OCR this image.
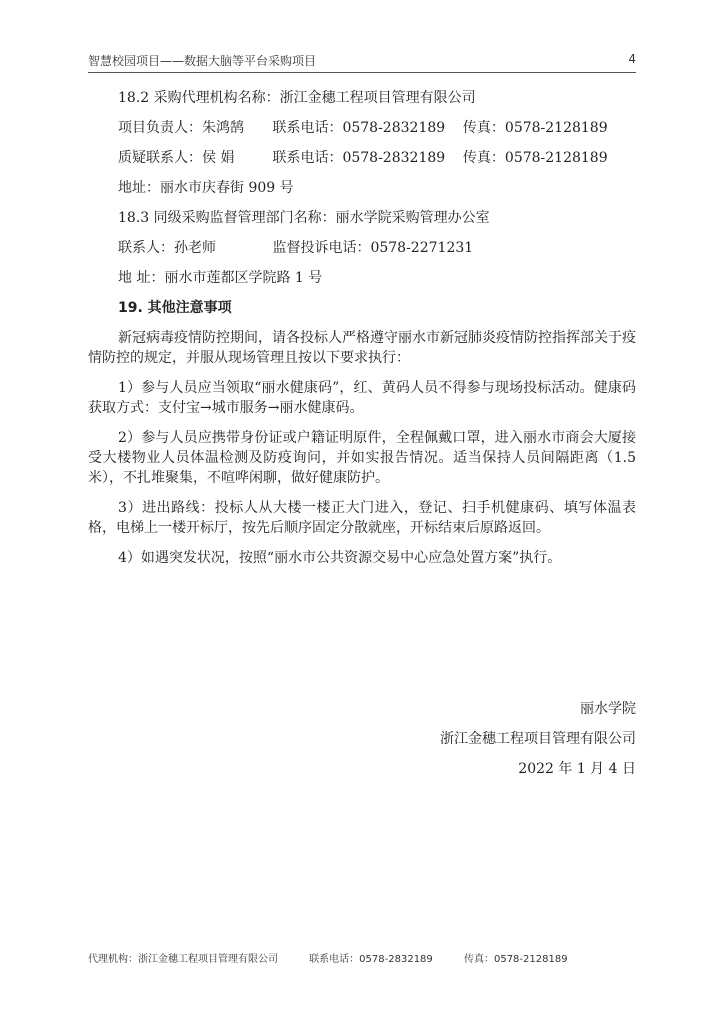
智慧校园项目——数据大脑等平台采购项目	4
18.2 采购代理机构名称：浙江金穗工程项目管理有限公司
项目负责人：朱鸿鹄 联系电话：0578-2832189 传真：0578-2128189
质疑联系人：侯 娟	联系电话：0578-2832189 传真：0578-2128189
地址：丽水市庆春街 909 号
18.3 同级采购监督管理部门名称：丽水学院采购管理办公室
联系人：孙老师	监督投诉电话：0578-2271231
地 址：丽水市莲都区学院路 1 号
19. 其他注意事项
新冠病毒疫情防控期间，请各投标人严格遵守丽水市新冠肺炎疫情防控指挥部关于疫情防控的规定，并服从现场管理且按以下要求执行：
1）参与人员应当领取“丽水健康码”，红、黄码人员不得参与现场投标活动。健康码获取方式：支付宝→城市服务→丽水健康码。
2）参与人员应携带身份证或户籍证明原件，全程佩戴口罩，进入丽水市商会大厦接受大楼物业人员体温检测及防疫询问，并如实报告情况。适当保持人员间隔距离（1.5米），不扎堆聚集，不喧哗闲聊，做好健康防护。
3）进出路线：投标人从大楼一楼正大门进入，登记、扫手机健康码、填写体温表格，电梯上一楼开标厅，按先后顺序固定分散就座，开标结束后原路返回。
4）如遇突发状况，按照“丽水市公共资源交易中心应急处置方案”执行。
丽水学院
浙江金穗工程项目管理有限公司
2022 年 1 月 4 日
代理机构：浙江金穗工程项目管理有限公司	联系电话：0578-2832189	传真：0578-2128189
